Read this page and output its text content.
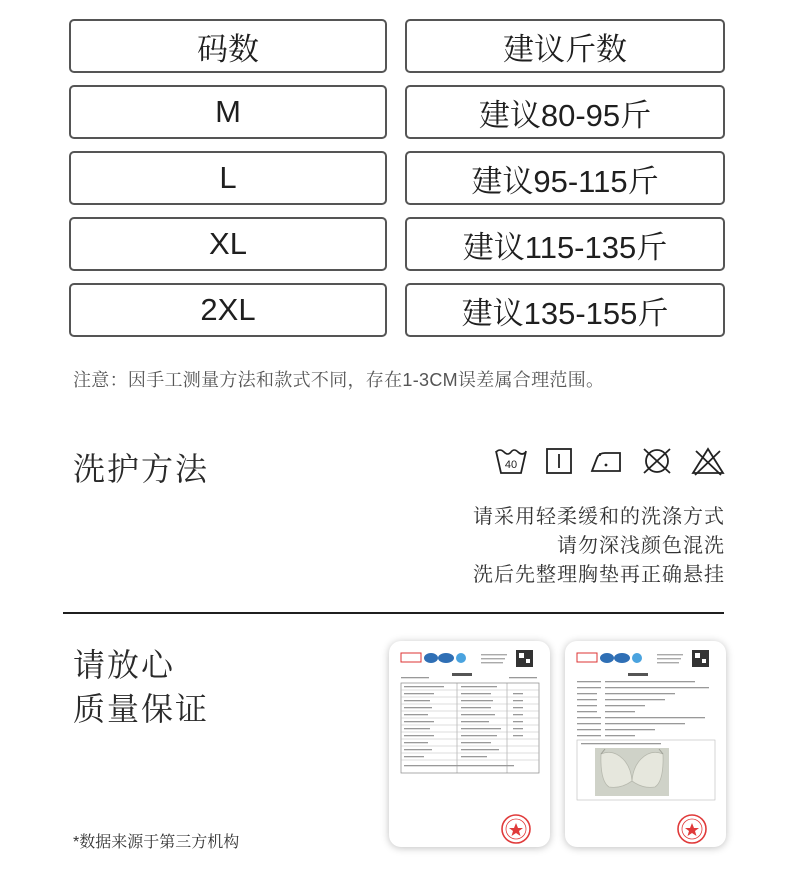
码数	建议斤数
M	建议80-95斤
L	建议95-115斤
XL	建议115-135斤
2XL	建议135-155斤
注意：因手工测量方法和款式不同，存在1-3CM误差属合理范围。
洗护方法	40
请采用轻柔缓和的洗涤方式
请勿深浅颜色混洗
洗后先整理胸垫再正确悬挂
请放心
质量保证
*数据来源于第三方机构
